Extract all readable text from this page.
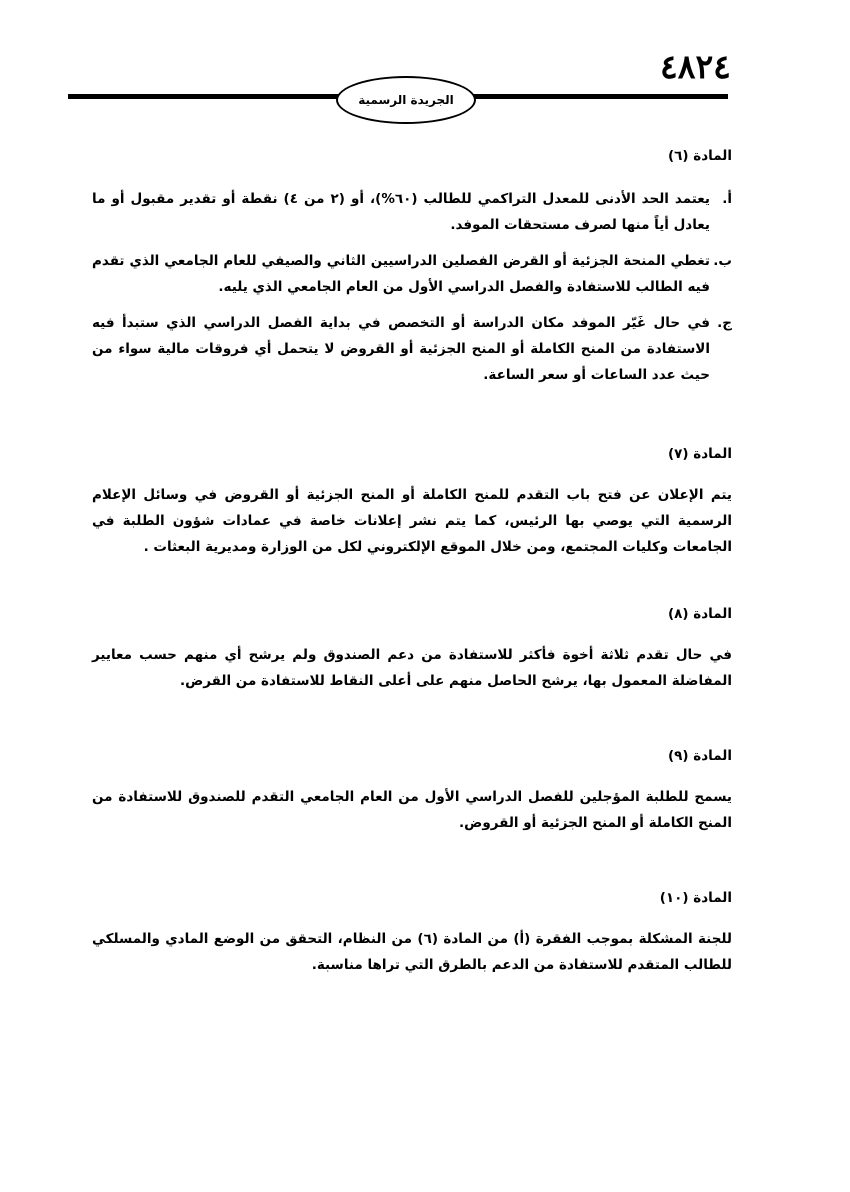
٤٨٢٤
الجريدة الرسمية
المادة (٦)
أ.
يعتمد الحد الأدنى للمعدل التراكمي للطالب (٦٠%)، أو (٢ من ٤) نقطة أو تقدير مقبول أو ما يعادل أياً منها لصرف مستحقات الموفد.
ب.
تغطي المنحة الجزئية أو القرض الفصلين الدراسيين الثاني والصيفي للعام الجامعي الذي تقدم فيه الطالب للاستفادة والفصل الدراسي الأول من العام الجامعي الذي يليه.
ج.
في حال غَيّر الموفد مكان الدراسة أو التخصص في بداية الفصل الدراسي الذي ستبدأ فيه الاستفادة من المنح الكاملة أو المنح الجزئية أو القروض لا يتحمل أي فروقات مالية سواء من حيث عدد الساعات أو سعر الساعة.
المادة (٧)

يتم الإعلان عن فتح باب التقدم للمنح الكاملة أو المنح الجزئية أو القروض في وسائل الإعلام الرسمية التي يوصي بها الرئيس، كما يتم نشر إعلانات خاصة في عمادات شؤون الطلبة في الجامعات وكليات المجتمع، ومن خلال الموقع الإلكتروني لكل من الوزارة ومديرية البعثات .

المادة (٨)

في حال تقدم ثلاثة أخوة فأكثر للاستفادة من دعم الصندوق ولم يرشح أي منهم حسب معايير المفاضلة المعمول بها، يرشح الحاصل منهم على أعلى النقاط للاستفادة من القرض.

المادة (٩)

يسمح للطلبة المؤجلين للفصل الدراسي الأول من العام الجامعي التقدم للصندوق للاستفادة من المنح الكاملة أو المنح الجزئية أو القروض.

المادة (١٠)

للجنة المشكلة بموجب الفقرة (أ) من المادة (٦) من النظام، التحقق من الوضع المادي والمسلكي للطالب المتقدم للاستفادة من الدعم بالطرق التي تراها مناسبة.
